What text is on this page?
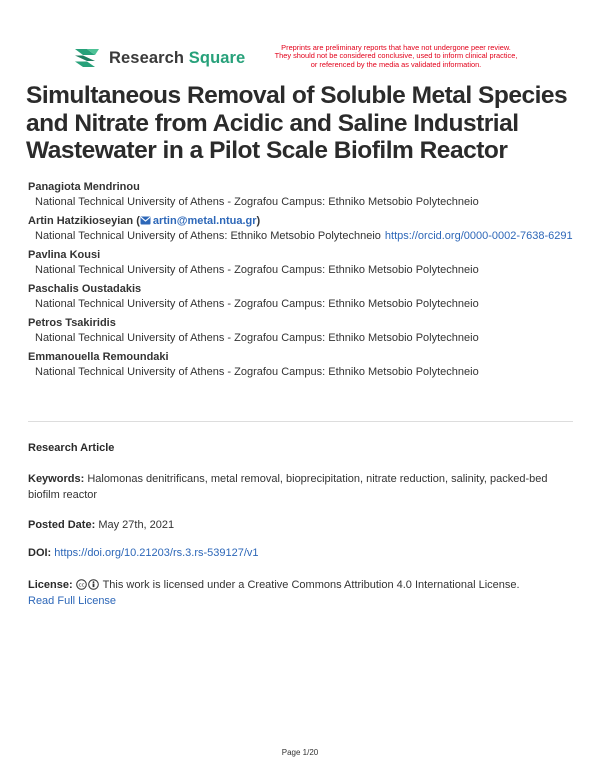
Research Square
Preprints are preliminary reports that have not undergone peer review.
They should not be considered conclusive, used to inform clinical practice,
or referenced by the media as validated information.
Simultaneous Removal of Soluble Metal Species and Nitrate from Acidic and Saline Industrial Wastewater in a Pilot Scale Biofilm Reactor
Panagiota Mendrinou
National Technical University of Athens - Zografou Campus: Ethniko Metsobio Polytechneio
Artin Hatzikioseyian ( artin@metal.ntua.gr)
National Technical University of Athens: Ethniko Metsobio Polytechneio https://orcid.org/0000-0002-7638-6291
Pavlina Kousi
National Technical University of Athens - Zografou Campus: Ethniko Metsobio Polytechneio
Paschalis Oustadakis
National Technical University of Athens - Zografou Campus: Ethniko Metsobio Polytechneio
Petros Tsakiridis
National Technical University of Athens - Zografou Campus: Ethniko Metsobio Polytechneio
Emmanouella Remoundaki
National Technical University of Athens - Zografou Campus: Ethniko Metsobio Polytechneio
Research Article
Keywords: Halomonas denitrificans, metal removal, bioprecipitation, nitrate reduction, salinity, packed-bed biofilm reactor
Posted Date: May 27th, 2021
DOI: https://doi.org/10.21203/rs.3.rs-539127/v1
License: cc This work is licensed under a Creative Commons Attribution 4.0 International License.
Read Full License
Page 1/20
